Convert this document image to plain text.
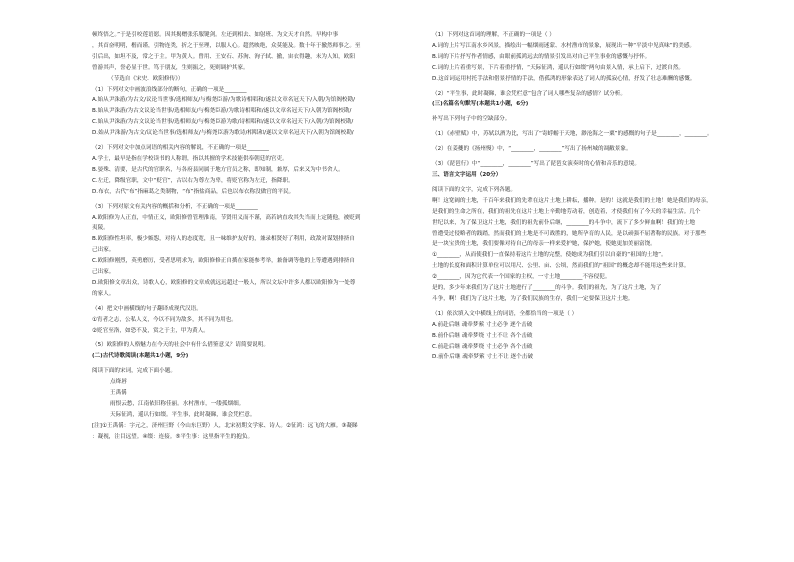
顿终悟之。”于是引咬莲语愿。因其揭赠张乐服键剑。左还到相去、如射班、为文天才自然。早构中事
，其首奋明明，楷而谨，引物连类，折之于至理，以服人心。超然映绝，众莫能及。数十年于撤然师事之。至
引后出，如坦不及，常之于主。甲为黄人。曾用、王安石、苏洵、洵子轼、撤，宙衣得趣，未为人知，欧阳
曾游其声，誉必显于世。笃于朋友，生则振之，死则调护其家。
（节选自《宋史．欧阳修传》）
（1）下列对文中画波浪线部分的断句，正确的一项是________
A.始从尹洙游/为古文/议论当世事/选相师友/与梅尧臣游/为歌诗相唱和/遂以文章名冠天下/入朝/为馆阁校勘/
B.始从尹洙游/为古文议论当世事/选相师友/与梅尧臣游/为歌诗相唱和/遂以文章名冠天下/入朝为馆阁校勘/
C.始从尹洙游/为古文议论当世事/选相师友/与梅尧臣游为歌/诗相唱和/遂以文章名冠天下/入朝/为馆阁校勘/
D.始从尹洙游/为古文/议论当世事/选相师友/与梅尧臣游为歌诗/相唱和/遂以文章名冠天下/入朝为馆阁校勘/
（2）下列对文中加点词语的相关内容的解说，不正确的一项是________
A.学士，最早是指在学校读书的人称谓，指以其擅的学术技能供奉朝廷的官吏。
B.晏殊、清要，是古代的官职名，与各府县同属于地方官员之称，即知制，兼厚，后来又为中书舍人。
C.左迁，降级官职，文中“贬官”，古以右为尊左为卑，将贬官称为左迁，指降职。
D.布衣，古代“布”指麻葛之类制物，“布”指盐商品，后也以布衣称没做官的平民。
（3）下列对原文有关内容的概括和分析，不正确的一项是________
A.欧阳修为人正直，中情正义，欧阳修曾管理淮南，节贤用义而不谨，高若讷直攻其失当而上定随他，被贬到
夷陵。
B.欧阳修性坦率，极少嫉怨，对待人的态度宽，且一味维护友好的，兼录相贤好了利用，政敌对谋划排挤自
己出家。
C.欧阳修刚烈，英勇磨厉，受者思明求为，欧阳修修正自撰在家能参考举，兼备调等他的上等遭遇到排挤自
己出家。
D.欧阳修文章出众，诗歌人心，欧阳修的文章成就远远超过一般人，所以文坛中许多人都以欧阳修为一处尊
的家人。
（4）把文中画横线的句子翻译成现代汉语。
①宵者之志，公私人义，今以不同为敌多，其不同为用也。
②贬官至洛，如恐不及，赏之于主，甲为黄人。
（5）欧阳修的人格魅力在今天的社会中有什么借鉴意义？请简要说明。
(二)古代诗歌阅读(本题共1小题，9分)
阅读下面的宋词，完成下面小题。
点绛唇
王禹偁
雨恨云愁，江南依旧称佳丽。水村渔市，一缕孤烟细。
天际征鸿，遥认行如缀。平生事，此时凝睇，谁会凭栏意。
[注]①王禹偁：字元之，济州巨野（今山东巨野）人，北宋初期文学家、诗人。②征鸿：远飞的大雁。③凝睇
：凝视，注目远望。④缀：连接。⑤平生事：这里指平生的抱负。
（1）下列对这首词的理解，不正确的一项是（ ）
A.词的上片写江南水乡风景，描绘出一幅烟雨迷蒙、水村渔市的景象，展现出一种“平淡中见真味”的美感。
B.词的下片抒写作者情感，由眼前孤鸿远去的情景引发出对自己平生事业的感慨与抒怀。
C.词的上片着重写景，下片着重抒情，“天际征鸿，遥认行如缀”两句由景入情，承上启下，过渡自然。
D.这首词运用衬托手法和借景抒情的手法，借孤鸿的形象表达了词人的孤寂心情，抒发了壮志难酬的感慨。
（2）“平生事，此时凝睇，谁会凭栏意”包含了词人哪些复杂的感情？试分析。
(三)名篇名句默写(本题共1小题，6分)
补写出下列句子中的空缺部分。
（1）《赤壁赋》中，苏轼以酒为比，写出了“寄蜉蝣于天地，渺沧海之一粟”的感慨的句子是________，________。
（2）在姜夔的《扬州慢》中，“________，________”写出了扬州城的凋敝景象。
（3）《琵琶行》中“________，________”写出了琵琶女演奏时的心情和音乐的意境。
三、语言文字运用（20分）
阅读下面的文字，完成下列各题。
啊！这宽阔的土地，千百年来我们的先辈在这片土地上耕耘，播种。是的！这就是我们的土地！她是我们的母亲，
是我们的生命之所在，我们的祖先在这片土地上辛勤地劳动着，创造着，才使我们有了今天的幸福生活。几个
世纪以来，为了保卫这片土地，我们的祖先前仆后继，________的斗争中，流下了多少鲜血啊！我们的土地
曾遭受过侵略者的践踏，然而我们的土地是不可战胜的，她所孕育的人民，是以顽强不屈著称的民族。对于那些
是一块宝贵的土地，我们要像对待自己的母亲一样来爱护她，保护她，使她更加美丽富饶。
①________，从而使我们一直保持着这片土地的完整，使她成为我们引以自豪的“祖国的土地”。
土地的长度和面积计算单位可以用尺、公里、亩、公顷，然而我们的“祖国”的概念却不能用这些来计算。
②________，因为它代表一个国家的主权，一寸土地________不容侵犯。
是的，多少年来我们为了这片土地进行了________的斗争。我们的祖先，为了这片土地，为了
斗争，啊！我们为了这片土地，为了我们民族的生存，我们一定要保卫这片土地。
（1）依次填入文中横线上的词语，全都恰当的一项是（ ）
A.前赴后继 魂牵梦萦 寸土必争 逐个击破
B.前仆后继 魂牵梦绕 寸土不让 各个击破
C.前赴后继 魂牵梦绕 寸土必争 各个击破
D.前仆后继 魂牵梦萦 寸土不让 逐个击破
